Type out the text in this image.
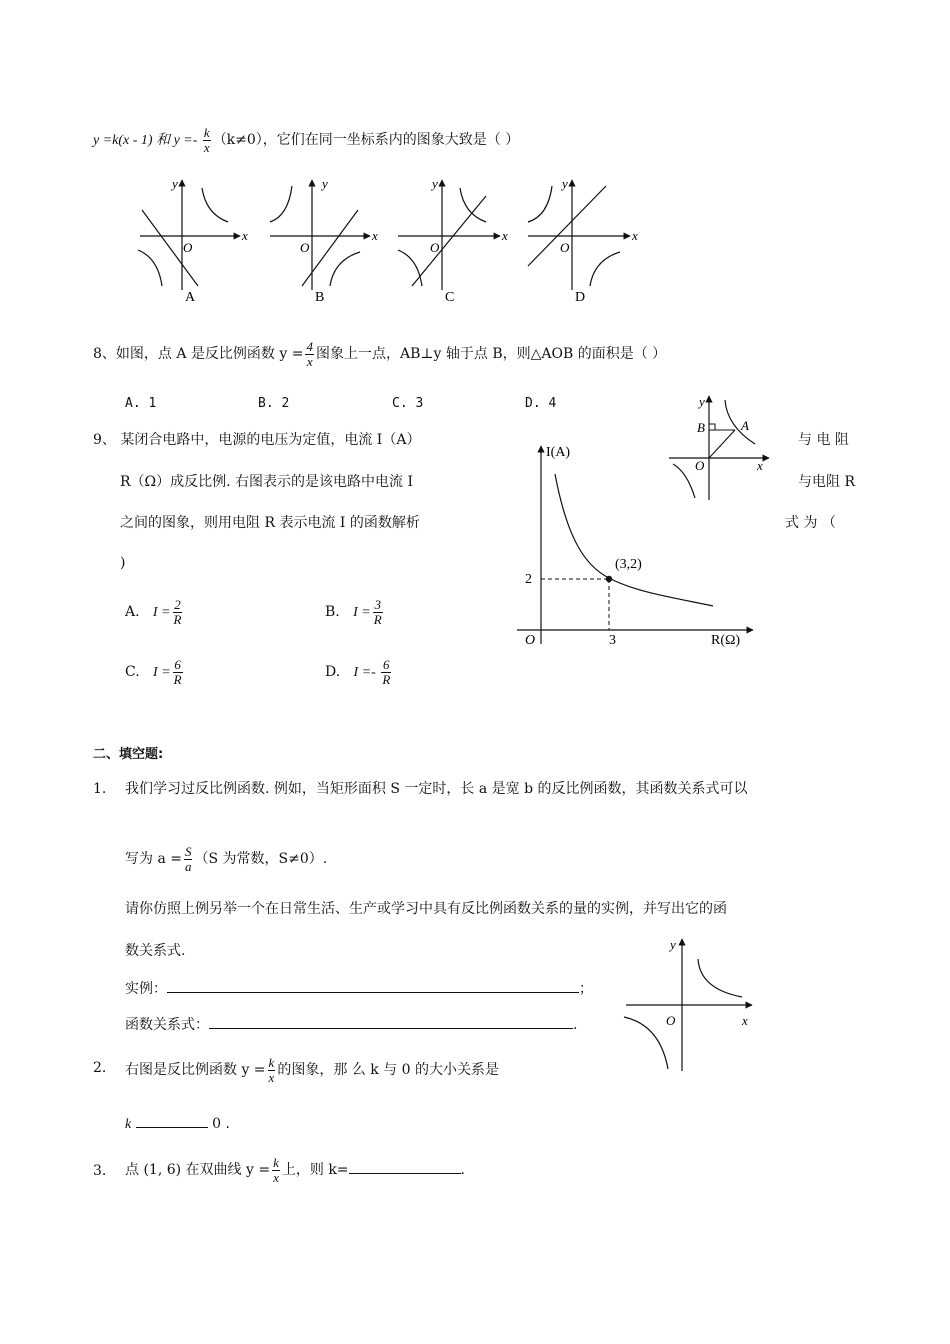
y =k(x - 1) 和 $y =- \frac{k}{x} (k\ne 0)$，它们在同一坐标系内的图象大致是（ ）
y
x
O
A
y
x
O
B
y
x
O
C
y
x
O
D
8、如图，点 A 是反比例函数 $y = \frac{4}{x}$ 图象上一点，AB⊥y 轴于点 B，则△AOB 的面积是（ ）
A. 1	B. 2	C. 3	D. 4	y
x
O
B	A
9、 某闭合电路中，电源的电压为定值，电流 I（A）	与 电 阻
R（Ω）成反比例. 右图表示的是该电路中电流 I	与电阻 R
之间的图象，则用电阻 R 表示电流 I 的函数解析	式 为 （
)
A. $I = \frac{2}{R}$	B. $I = \frac{3}{R}$
C. $I = \frac{6}{R}$	D. $I =- \frac{6}{R}$
I(A)
R(Ω)
O
2
3
(3,2)
二、填空题:
1. 我们学习过反比例函数. 例如，当矩形面积 S 一定时，长 a 是宽 b 的反比例函数，其函数关系式可以
写为 $a = \frac{S}{a} (S$ 为常数，S≠0）.
请你仿照上例另举一个在日常生活、生产或学习中具有反比例函数关系的量的实例，并写出它的函
数关系式.
实例：	；
函数关系式：	.
y
x
O
2. 右图是反比例函数 $y = \frac{k}{x}$ 的图象，那 么 k 与 0 的大小关系是
k	0 .
3. 点 (1, 6) 在双曲线 $y = \frac{k}{x}$ 上，则 k=	.
